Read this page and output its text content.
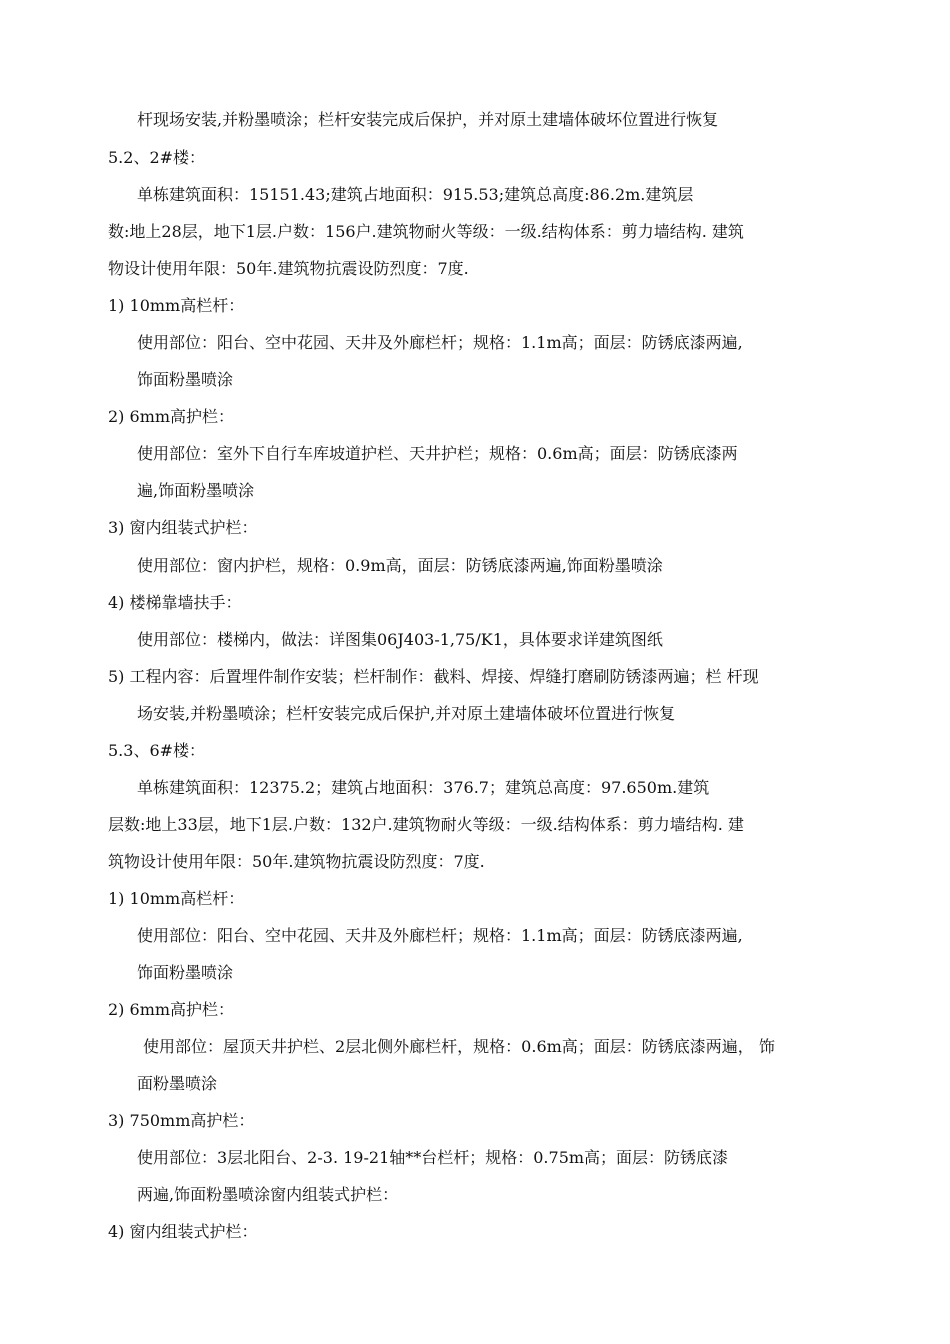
杆现场安装,并粉墨喷涂；栏杆安装完成后保护，并对原土建墙体破坏位置进行恢复
5.2、2#楼：
单栋建筑面积：15151.43;建筑占地面积：915.53;建筑总高度:86.2m.建筑层
数:地上28层，地下1层.户数：156户.建筑物耐火等级：一级.结构体系：剪力墙结构. 建筑
物设计使用年限：50年.建筑物抗震设防烈度：7度.
1) 10mm高栏杆：
使用部位：阳台、空中花园、天井及外廊栏杆；规格：1.1m高；面层：防锈底漆两遍,
饰面粉墨喷涂
2) 6mm高护栏：
使用部位：室外下自行车库坡道护栏、天井护栏；规格：0.6m高；面层：防锈底漆两
遍,饰面粉墨喷涂
3) 窗内组装式护栏：
使用部位：窗内护栏，规格：0.9m高，面层：防锈底漆两遍,饰面粉墨喷涂
4) 楼梯靠墙扶手：
使用部位：楼梯内，做法：详图集06J403-1,75/K1，具体要求详建筑图纸
5) 工程内容：后置埋件制作安装；栏杆制作：截料、焊接、焊缝打磨刷防锈漆两遍；栏 杆现
场安装,并粉墨喷涂；栏杆安装完成后保护,并对原土建墙体破坏位置进行恢复
5.3、6#楼：
单栋建筑面积：12375.2；建筑占地面积：376.7；建筑总高度：97.650m.建筑
层数:地上33层，地下1层.户数：132户.建筑物耐火等级：一级.结构体系：剪力墙结构. 建
筑物设计使用年限：50年.建筑物抗震设防烈度：7度.
1) 10mm高栏杆：
使用部位：阳台、空中花园、天井及外廊栏杆；规格：1.1m高；面层：防锈底漆两遍,
饰面粉墨喷涂
2) 6mm高护栏：
使用部位：屋顶天井护栏、2层北侧外廊栏杆，规格：0.6m高；面层：防锈底漆两遍， 饰
面粉墨喷涂
3) 750mm高护栏：
使用部位：3层北阳台、2-3. 19-21轴**台栏杆；规格：0.75m高；面层：防锈底漆
两遍,饰面粉墨喷涂窗内组装式护栏：
4) 窗内组装式护栏：
